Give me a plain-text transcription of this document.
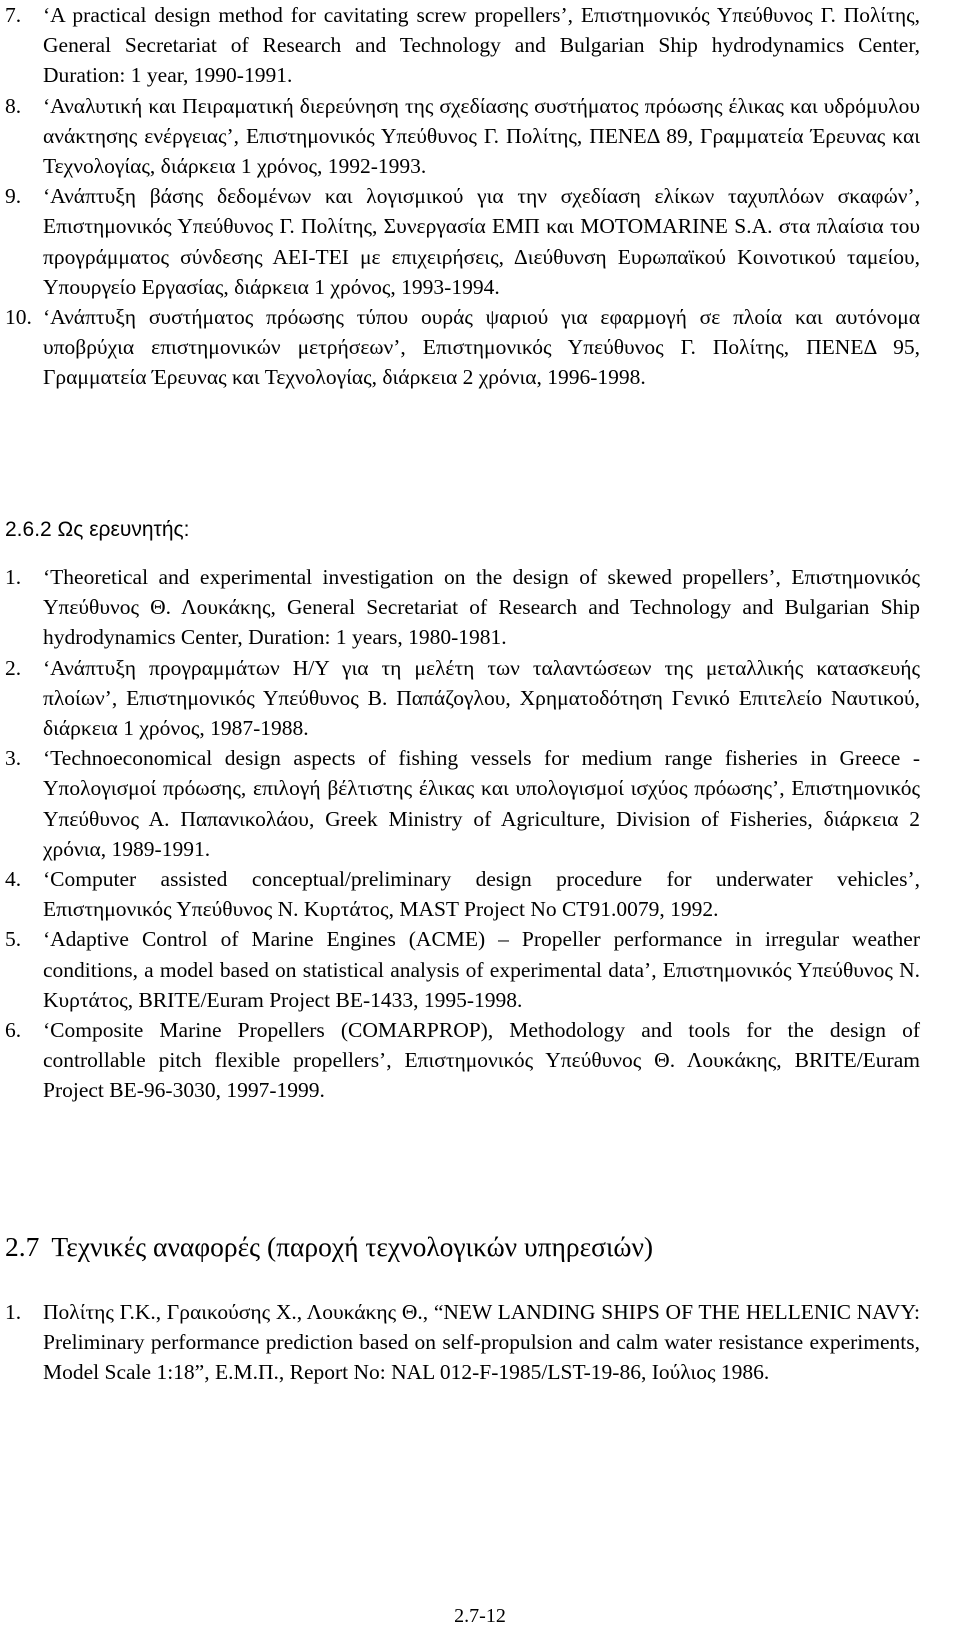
7. ‘A practical design method for cavitating screw propellers’, Επιστημονικός Υπεύθυνος Γ. Πολίτης, General Secretariat of Research and Technology and Bulgarian Ship hydrodynamics Center, Duration: 1 year, 1990-1991.
8. ‘Αναλυτική και Πειραματική διερεύνηση της σχεδίασης συστήματος πρόωσης έλικας και υδρόμυλου ανάκτησης ενέργειας’, Επιστημονικός Υπεύθυνος Γ. Πολίτης, ΠΕΝΕΔ 89, Γραμματεία Έρευνας και Τεχνολογίας, διάρκεια 1 χρόνος, 1992-1993.
9. ‘Ανάπτυξη βάσης δεδομένων και λογισμικού για την σχεδίαση ελίκων ταχυπλόων σκαφών’, Επιστημονικός Υπεύθυνος Γ. Πολίτης, Συνεργασία ΕΜΠ και MOTOMARINE S.A. στα πλαίσια του προγράμματος σύνδεσης ΑΕΙ-ΤΕΙ με επιχειρήσεις, Διεύθυνση Ευρωπαϊκού Κοινοτικού ταμείου, Υπουργείο Εργασίας, διάρκεια 1 χρόνος, 1993-1994.
10. ‘Ανάπτυξη συστήματος πρόωσης τύπου ουράς ψαριού για εφαρμογή σε πλοία και αυτόνομα υποβρύχια επιστημονικών μετρήσεων’, Επιστημονικός Υπεύθυνος Γ. Πολίτης, ΠΕΝΕΔ 95, Γραμματεία Έρευνας και Τεχνολογίας, διάρκεια 2 χρόνια, 1996-1998.
2.6.2 Ως ερευνητής:
1. ‘Theoretical and experimental investigation on the design of skewed propellers’, Επιστημονικός Υπεύθυνος Θ. Λουκάκης, General Secretariat of Research and Technology and Bulgarian Ship hydrodynamics Center, Duration: 1 years, 1980-1981.
2. ‘Ανάπτυξη προγραμμάτων Η/Υ για τη μελέτη των ταλαντώσεων της μεταλλικής κατασκευής πλοίων’, Επιστημονικός Υπεύθυνος Β. Παπάζογλου, Χρηματοδότηση Γενικό Επιτελείο Ναυτικού, διάρκεια 1 χρόνος, 1987-1988.
3. ‘Technoeconomical design aspects of fishing vessels for medium range fisheries in Greece - Υπολογισμοί πρόωσης, επιλογή βέλτιστης έλικας και υπολογισμοί ισχύος πρόωσης’, Επιστημονικός Υπεύθυνος Α. Παπανικολάου, Greek Ministry of Agriculture, Division of Fisheries, διάρκεια 2 χρόνια, 1989-1991.
4. ‘Computer assisted conceptual/preliminary design procedure for underwater vehicles’, Επιστημονικός Υπεύθυνος Ν. Κυρτάτος, MAST Project No CT91.0079, 1992.
5. ‘Adaptive Control of Marine Engines (ACME) – Propeller performance in irregular weather conditions, a model based on statistical analysis of experimental data’, Επιστημονικός Υπεύθυνος Ν. Κυρτάτος, BRITE/Euram Project BE-1433, 1995-1998.
6. ‘Composite Marine Propellers (COMARPROP), Methodology and tools for the design of controllable pitch flexible propellers’, Επιστημονικός Υπεύθυνος Θ. Λουκάκης, BRITE/Euram Project BE-96-3030, 1997-1999.
2.7 Τεχνικές αναφορές (παροχή τεχνολογικών υπηρεσιών)
1. Πολίτης Γ.Κ., Γραικούσης Χ., Λουκάκης Θ., “NEW LANDING SHIPS OF THE HELLENIC NAVY: Preliminary performance prediction based on self-propulsion and calm water resistance experiments, Model Scale 1:18”, Ε.Μ.Π., Report No: NAL 012-F-1985/LST-19-86, Ιούλιος 1986.
2.7-12
